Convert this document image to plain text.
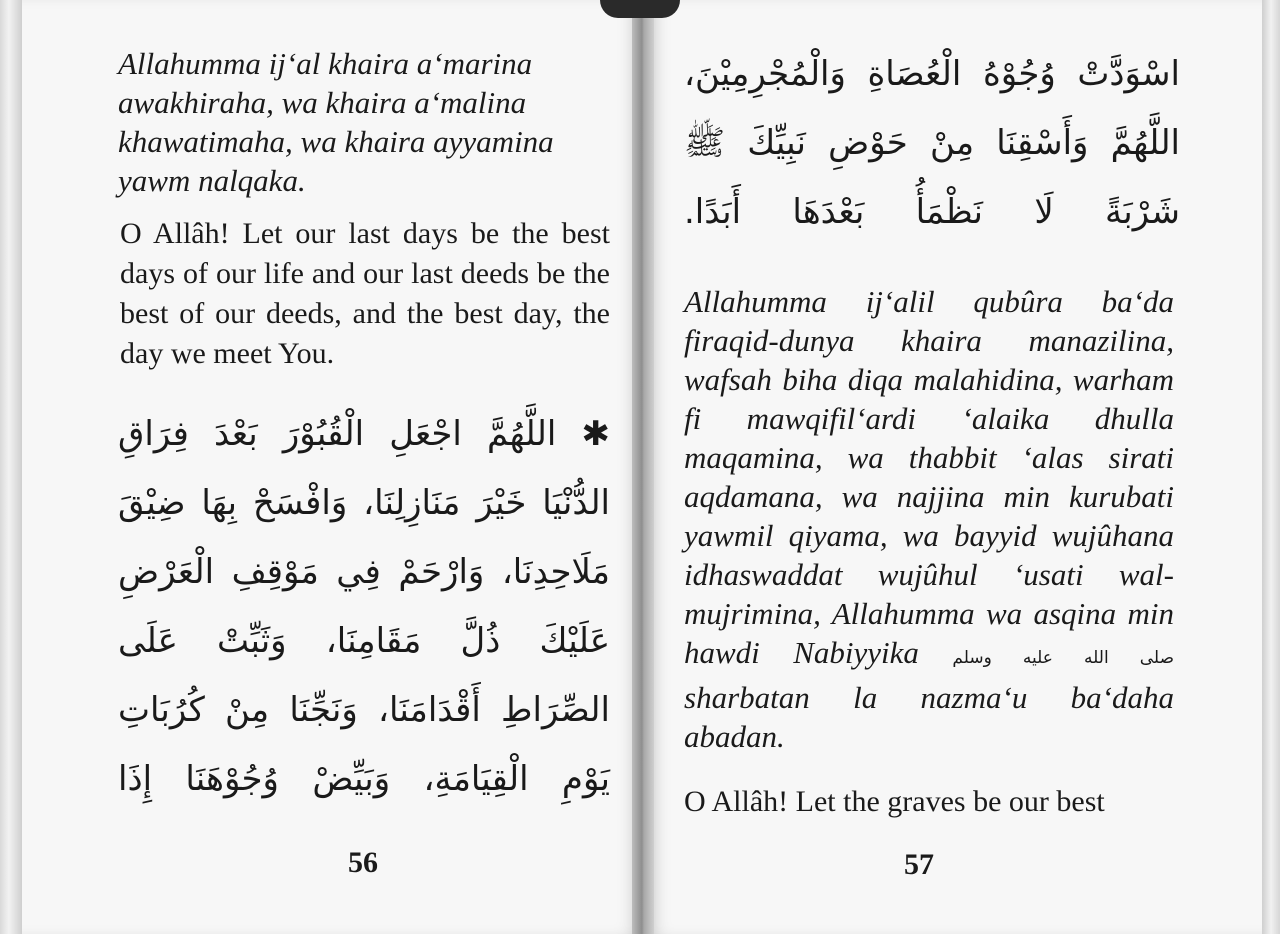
Allahumma ij‘al khaira a‘marina awakhiraha, wa khaira a‘malina khawatimaha, wa khaira ayyamina yawm nalqaka.
O Allâh! Let our last days be the best days of our life and our last deeds be the best of our deeds, and the best day, the day we meet You.
✱ اللَّهُمَّ اجْعَلِ الْقُبُوْرَ بَعْدَ فِرَاقِ الدُّنْيَا خَيْرَ مَنَازِلِنَا، وَافْسَحْ بِهَا ضِيْقَ مَلَاحِدِنَا، وَارْحَمْ فِي مَوْقِفِ الْعَرْضِ عَلَيْكَ ذُلَّ مَقَامِنَا، وَثَبِّتْ عَلَى الصِّرَاطِ أَقْدَامَنَا، وَنَجِّنَا مِنْ كُرُبَاتِ يَوْمِ الْقِيَامَةِ، وَبَيِّضْ وُجُوْهَنَا إِذَا
56
اسْوَدَّتْ وُجُوْهُ الْعُصَاةِ وَالْمُجْرِمِيْنَ، اللَّهُمَّ وَأَسْقِنَا مِنْ حَوْضِ نَبِيِّكَ ﷺ شَرْبَةً لَا نَظْمَأُ بَعْدَهَا أَبَدًا.
Allahumma ij‘alil qubûra ba‘da firaqid-dunya khaira manazilina, wafsah biha diqa malahidina, warham fi mawqifil‘ardi ‘alaika dhulla maqamina, wa thabbit ‘alas sirati aqdamana, wa najjina min kurubati yawmil qiyama, wa bayyid wujûhana idhaswaddat wujûhul ‘usati wal-mujrimina, Allahumma wa asqina min hawdi Nabiyyika صلى الله عليه وسلم sharbatan la nazma‘u ba‘daha abadan.
O Allâh! Let the graves be our best
57
